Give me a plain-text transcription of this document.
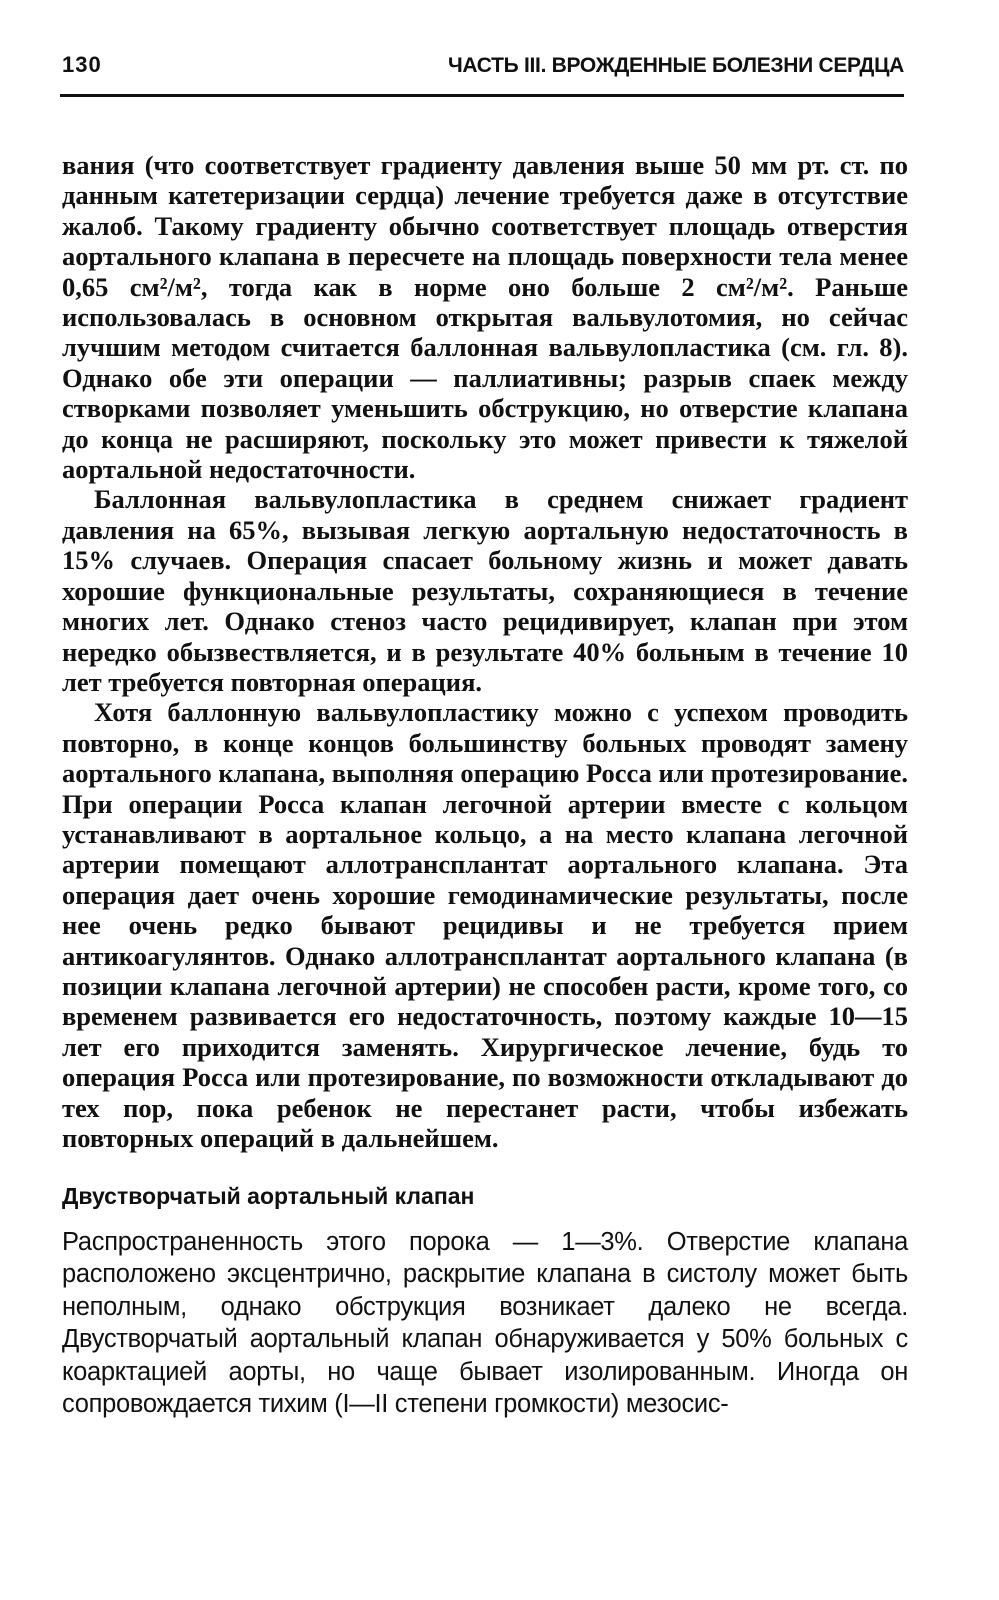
130	ЧАСТЬ III. ВРОЖДЕННЫЕ БОЛЕЗНИ СЕРДЦА

вания (что соответствует градиенту давления выше 50 мм рт. ст. по данным катетеризации сердца) лечение требуется даже в отсутствие жалоб. Такому градиенту обычно соответствует площадь отверстия аортального клапана в пересчете на площадь поверхности тела менее 0,65 см²/м², тогда как в норме оно больше 2 см²/м². Раньше использовалась в основном открытая вальвулотомия, но сейчас лучшим методом считается баллонная вальвулопластика (см. гл. 8). Однако обе эти операции — паллиативны; разрыв спаек между створками позволяет уменьшить обструкцию, но отверстие клапана до конца не расширяют, поскольку это может привести к тяжелой аортальной недостаточности.

Баллонная вальвулопластика в среднем снижает градиент давления на 65%, вызывая легкую аортальную недостаточность в 15% случаев. Операция спасает больному жизнь и может давать хорошие функциональные результаты, сохраняющиеся в течение многих лет. Однако стеноз часто рецидивирует, клапан при этом нередко обызвествляется, и в результате 40% больным в течение 10 лет требуется повторная операция.

Хотя баллонную вальвулопластику можно с успехом проводить повторно, в конце концов большинству больных проводят замену аортального клапана, выполняя операцию Росса или протезирование. При операции Росса клапан легочной артерии вместе с кольцом устанавливают в аортальное кольцо, а на место клапана легочной артерии помещают аллотрансплантат аортального клапана. Эта операция дает очень хорошие гемодинамические результаты, после нее очень редко бывают рецидивы и не требуется прием антикоагулянтов. Однако аллотрансплантат аортального клапана (в позиции клапана легочной артерии) не способен расти, кроме того, со временем развивается его недостаточность, поэтому каждые 10—15 лет его приходится заменять. Хирургическое лечение, будь то операция Росса или протезирование, по возможности откладывают до тех пор, пока ребенок не перестанет расти, чтобы избежать повторных операций в дальнейшем.

Двустворчатый аортальный клапан

Распространенность этого порока — 1—3%. Отверстие клапана расположено эксцентрично, раскрытие клапана в систолу может быть неполным, однако обструкция возникает далеко не всегда. Двустворчатый аортальный клапан обнаруживается у 50% больных с коарктацией аорты, но чаще бывает изолированным. Иногда он сопровождается тихим (I—II степени громкости) мезосис-
